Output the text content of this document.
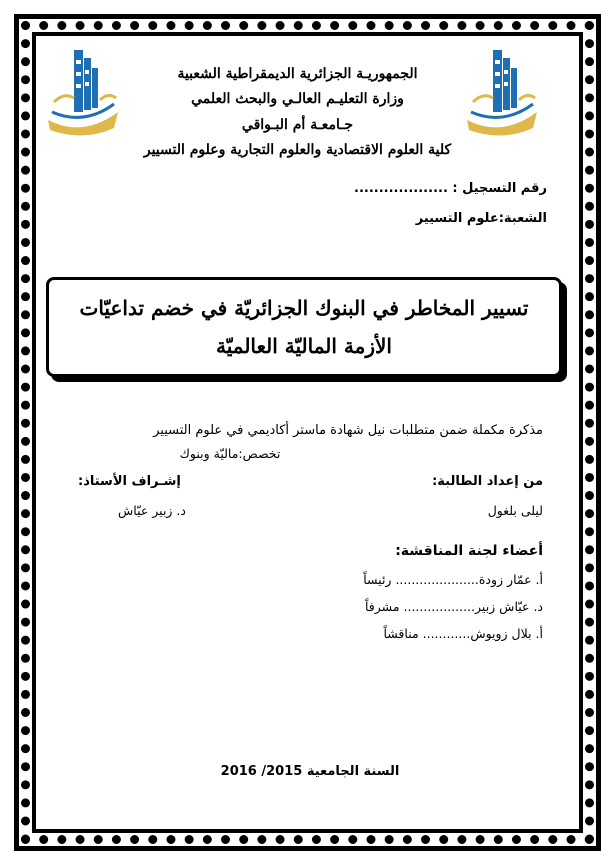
الجمهوريـة الجزائرية الديمقراطية الشعبية
وزارة التعليـم العالـي والبحث العلمي
جـامعـة أم البـواقي
كلية العلوم الاقتصادية والعلوم التجارية وعلوم التسيير
رقم التسجيل : ...................
الشعبة:علوم التسيير
تسيير المخاطر في البنوك الجزائريّة في خضم تداعيّات
الأزمة الماليّة العالميّة
مذكرة مكملة ضمن متطلبات نيل شهادة ماستر أكاديمي في علوم التسيير
تخصص:ماليّة وبنوك
من إعداد الطالبة:
إشـراف الأستاذ:
ليلى بلغول
د. زبير عيّاش
أعضاء لجنة المناقشة:
أ. عمّار زودة..................... رئيساً
د. عيّاش زبير.................. مشرفاً
أ. بلال زويوش............ مناقشاً
السنة الجامعية 2015/ 2016
